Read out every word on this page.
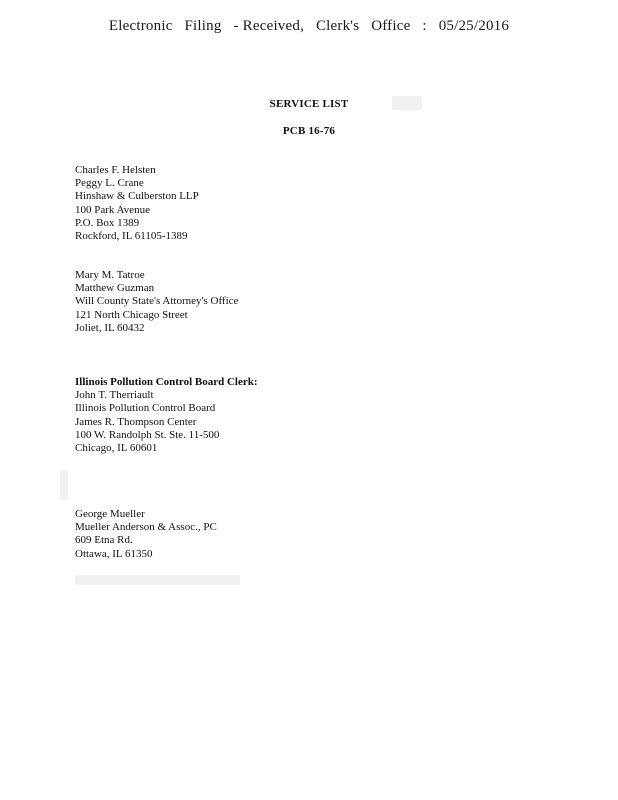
Electronic Filing - Received, Clerk's Office : 05/25/2016
SERVICE LIST
PCB 16-76
Charles F. Helsten
Peggy L. Crane
Hinshaw & Culberston LLP
100 Park Avenue
P.O. Box 1389
Rockford, IL 61105-1389
Mary M. Tatroe
Matthew Guzman
Will County State's Attorney's Office
121 North Chicago Street
Joliet, IL 60432
Illinois Pollution Control Board Clerk:
John T. Therriault
Illinois Pollution Control Board
James R. Thompson Center
100 W. Randolph St. Ste. 11-500
Chicago, IL 60601
George Mueller
Mueller Anderson & Assoc., PC
609 Etna Rd.
Ottawa, IL 61350
